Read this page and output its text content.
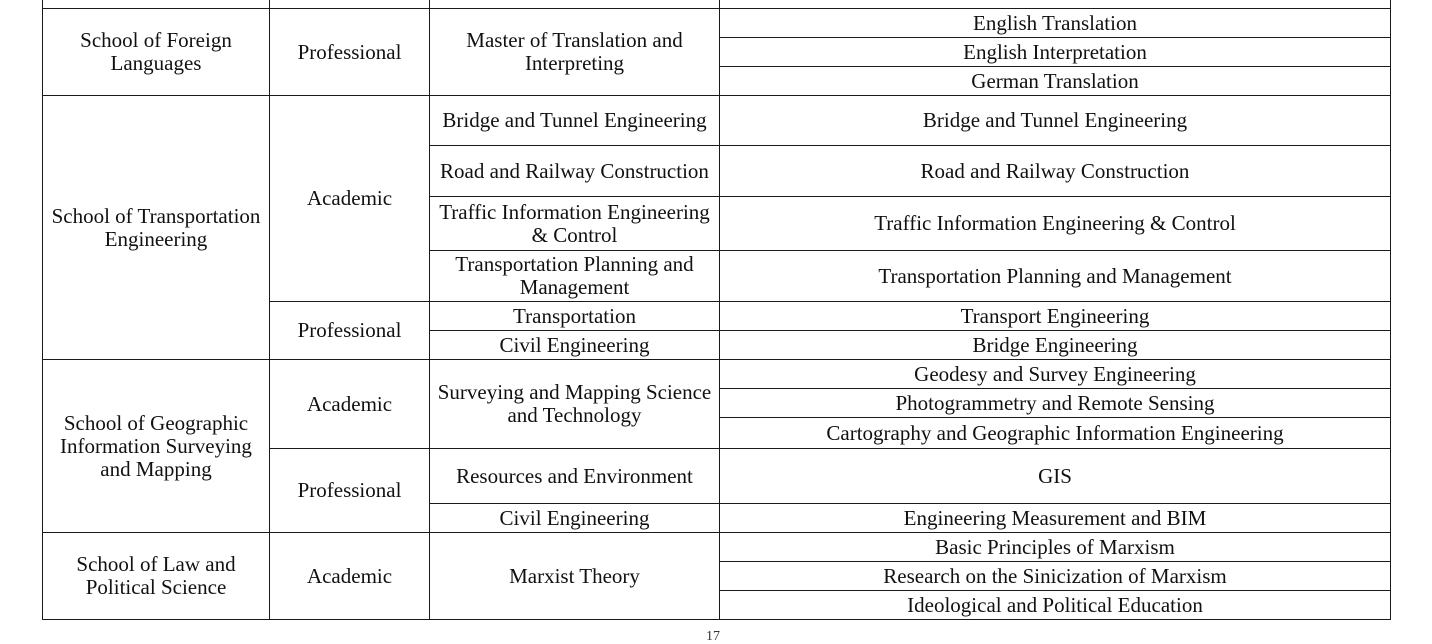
School of Foreign Languages	Professional	Master of Translation and Interpreting	English Translation
			English Interpretation
			German Translation
School of Transportation Engineering	Academic	Bridge and Tunnel Engineering	Bridge and Tunnel Engineering
		Road and Railway Construction	Road and Railway Construction
		Traffic Information Engineering & Control	Traffic Information Engineering & Control
		Transportation Planning and Management	Transportation Planning and Management
	Professional	Transportation	Transport Engineering
		Civil Engineering	Bridge Engineering
School of Geographic Information Surveying and Mapping	Academic	Surveying and Mapping Science and Technology	Geodesy and Survey Engineering
			Photogrammetry and Remote Sensing
			Cartography and Geographic Information Engineering
	Professional	Resources and Environment	GIS
		Civil Engineering	Engineering Measurement and BIM
School of Law and Political Science	Academic	Marxist Theory	Basic Principles of Marxism
			Research on the Sinicization of Marxism
			Ideological and Political Education
17
